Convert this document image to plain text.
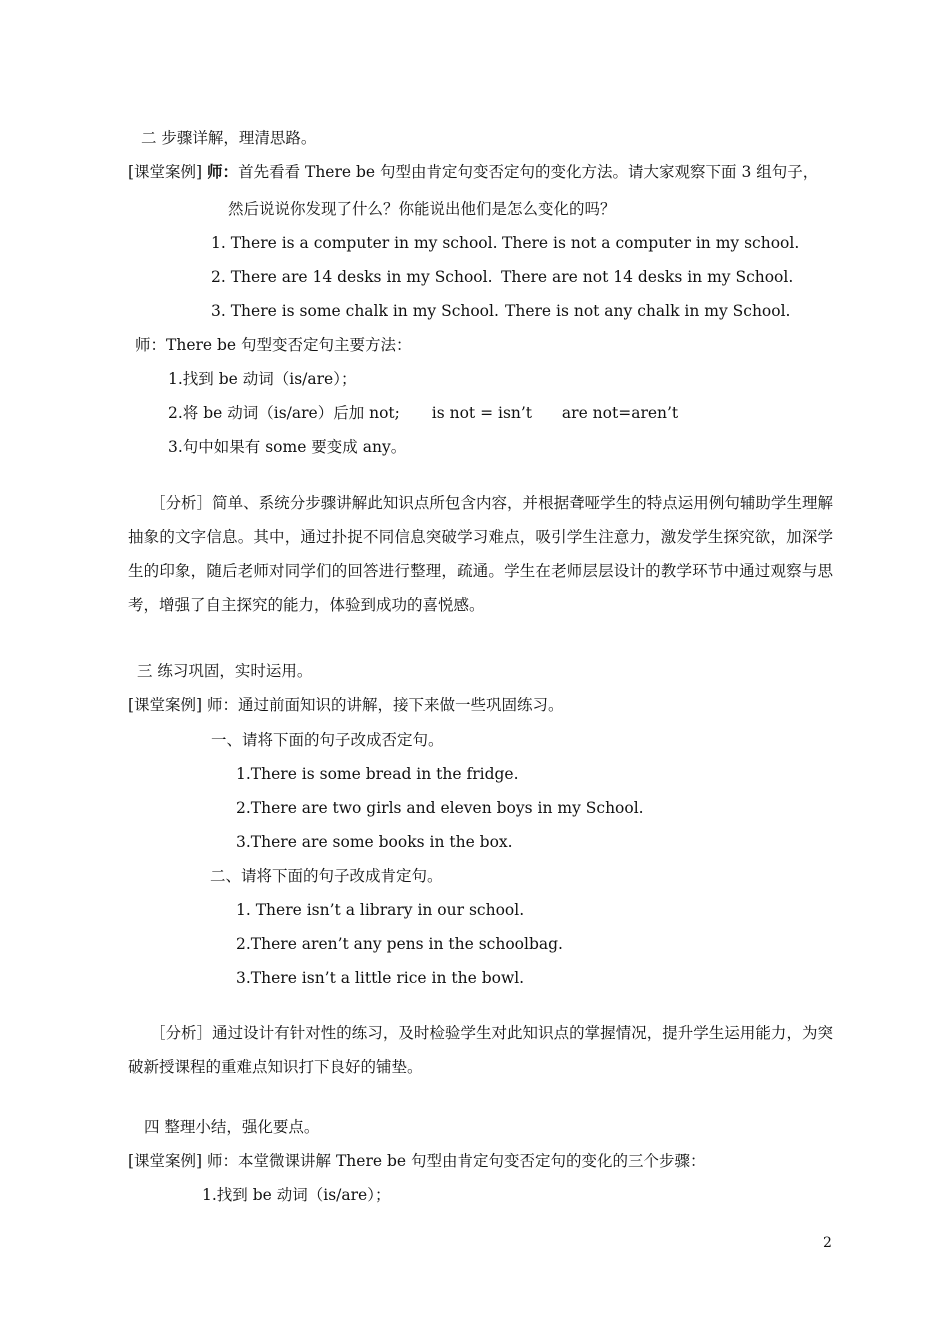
二 步骤详解，理清思路。
[课堂案例] 师：首先看看 There be 句型由肯定句变否定句的变化方法。请大家观察下面 3 组句子，
然后说说你发现了什么？你能说出他们是怎么变化的吗？
1. There is a computer in my school. There is not a computer in my school.
2. There are 14 desks in my School. There are not 14 desks in my School.
3. There is some chalk in my School. There is not any chalk in my School.
师：There be 句型变否定句主要方法：
1.找到 be 动词（is/are）；
2.将 be 动词（is/are）后加 not; is not = isn’t are not=aren’t
3.句中如果有 some 要变成 any。
［分析］简单、系统分步骤讲解此知识点所包含内容，并根据聋哑学生的特点运用例句辅助学生理解抽象的文字信息。其中，通过扑捉不同信息突破学习难点，吸引学生注意力，激发学生探究欲，加深学生的印象，随后老师对同学们的回答进行整理，疏通。学生在老师层层设计的教学环节中通过观察与思考，增强了自主探究的能力，体验到成功的喜悦感。
三 练习巩固，实时运用。
[课堂案例] 师：通过前面知识的讲解，接下来做一些巩固练习。
一、请将下面的句子改成否定句。
1.There is some bread in the fridge.
2.There are two girls and eleven boys in my School.
3.There are some books in the box.
二、请将下面的句子改成肯定句。
1. There isn’t a library in our school.
2.There aren’t any pens in the schoolbag.
3.There isn’t a little rice in the bowl.
［分析］通过设计有针对性的练习，及时检验学生对此知识点的掌握情况，提升学生运用能力，为突破新授课程的重难点知识打下良好的铺垫。
四 整理小结，强化要点。
[课堂案例] 师：本堂微课讲解 There be 句型由肯定句变否定句的变化的三个步骤：
1.找到 be 动词（is/are）；
2
